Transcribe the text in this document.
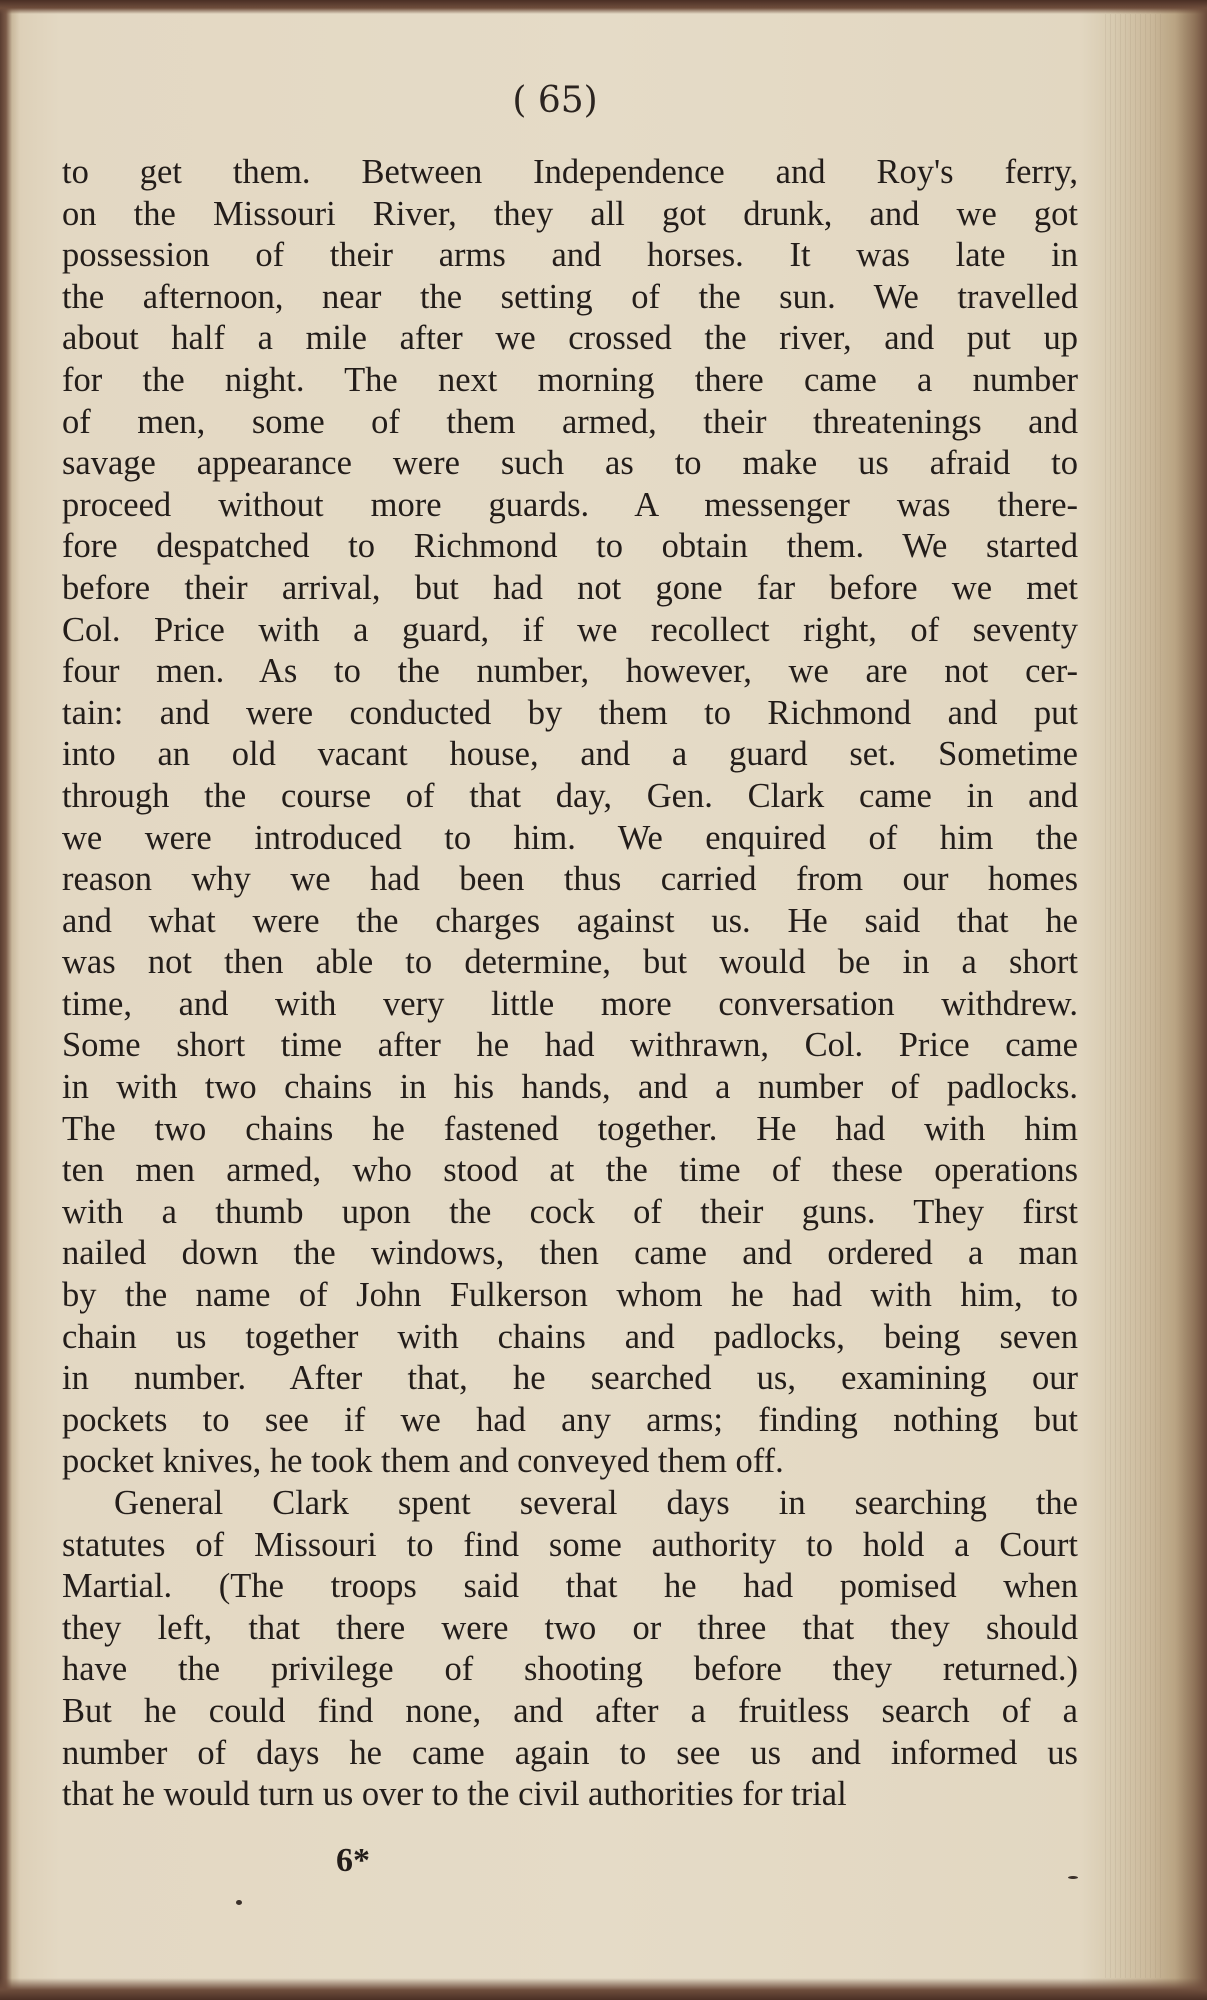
( 65)
to get them. Between Independence and Roy's ferry,
on the Missouri River, they all got drunk, and we got
possession of their arms and horses. It was late in
the afternoon, near the setting of the sun. We travelled
about half a mile after we crossed the river, and put up
for the night. The next morning there came a number
of men, some of them armed, their threatenings and
savage appearance were such as to make us afraid to
proceed without more guards. A messenger was there-
fore despatched to Richmond to obtain them. We started
before their arrival, but had not gone far before we met
Col. Price with a guard, if we recollect right, of seventy
four men. As to the number, however, we are not cer-
tain: and were conducted by them to Richmond and put
into an old vacant house, and a guard set. Sometime
through the course of that day, Gen. Clark came in and
we were introduced to him. We enquired of him the
reason why we had been thus carried from our homes
and what were the charges against us. He said that he
was not then able to determine, but would be in a short
time, and with very little more conversation withdrew.
Some short time after he had withrawn, Col. Price came
in with two chains in his hands, and a number of padlocks.
The two chains he fastened together. He had with him
ten men armed, who stood at the time of these operations
with a thumb upon the cock of their guns. They first
nailed down the windows, then came and ordered a man
by the name of John Fulkerson whom he had with him, to
chain us together with chains and padlocks, being seven
in number. After that, he searched us, examining our
pockets to see if we had any arms; finding nothing but
pocket knives, he took them and conveyed them off.
General Clark spent several days in searching the
statutes of Missouri to find some authority to hold a Court
Martial. (The troops said that he had pomised when
they left, that there were two or three that they should
have the privilege of shooting before they returned.)
But he could find none, and after a fruitless search of a
number of days he came again to see us and informed us
that he would turn us over to the civil authorities for trial
6*
